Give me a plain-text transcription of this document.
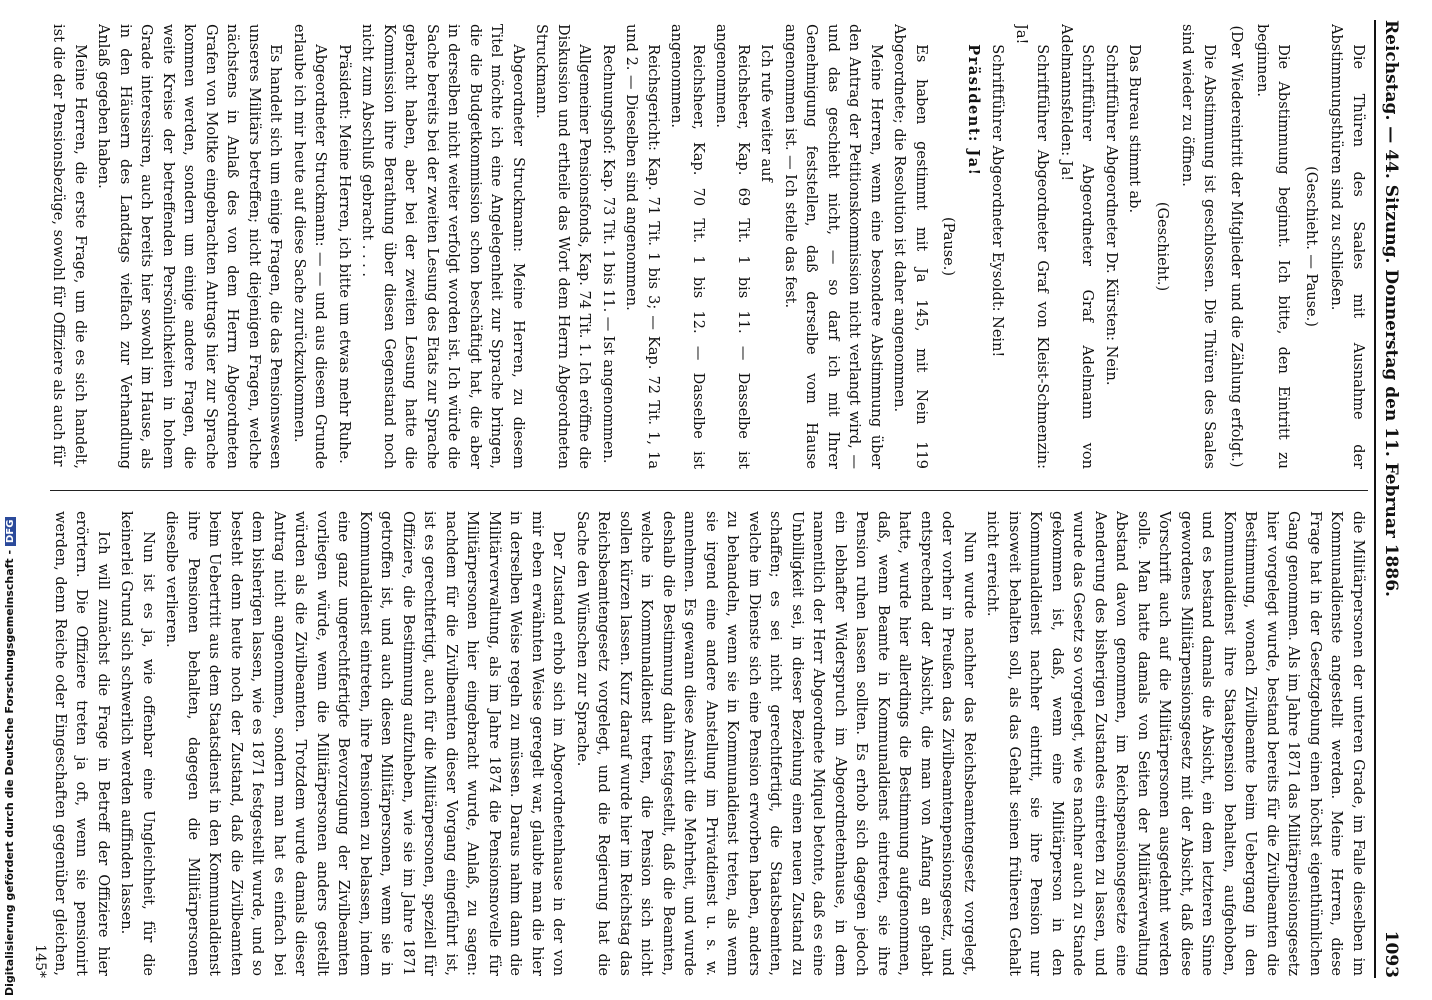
Digitalisierung gefördert durch die Deutsche Forschungsgemeinschaft -DFG	Reichstag. — 44. Sitzung. Donnerstag den 11. Februar 1886.
1093

Die Thüren des Saales mit Ausnahme der Abstimmungsthüren sind zu schließen.

(Geschieht. — Pause.)

Die Abstimmung beginnt. Ich bitte, den Eintritt zu beginnen.

(Der Wiedereintritt der Mitglieder und die Zählung erfolgt.)

Die Abstimmung ist geschlossen. Die Thüren des Saales sind wieder zu öffnen.

(Geschieht.)

Das Bureau stimmt ab.

Schriftführer Abgeordneter Dr. Kürsten: Nein.

Schriftführer Abgeordneter Graf Adelmann von Adelmannsfelden: Ja!

Schriftführer Abgeordneter Graf von Kleist-Schmenzin: Ja!

Schriftführer Abgeordneter Eysoldt: Nein!

Präsident: Ja!

(Pause.)

Es haben gestimmt mit Ja 145, mit Nein 119 Abgeordnete; die Resolution ist daher angenommen.

Meine Herren, wenn eine besondere Abstimmung über den Antrag der Petitionskommission nicht verlangt wird, — und das geschieht nicht, — so darf ich mit Ihrer Genehmigung feststellen, daß derselbe vom Hause angenommen ist. — Ich stelle das fest.

Ich rufe weiter auf

Reichsheer, Kap. 69 Tit. 1 bis 11. — Dasselbe ist angenommen.

Reichsheer, Kap. 70 Tit. 1 bis 12. — Dasselbe ist angenommen.

Reichsgericht: Kap. 71 Tit. 1 bis 3; — Kap. 72 Tit. 1, 1a und 2. — Dieselben sind angenommen.

Rechnungshof: Kap. 73 Tit. 1 bis 11. — Ist angenommen.

Allgemeiner Pensionsfonds, Kap. 74 Tit. 1. Ich eröffne die Diskussion und ertheile das Wort dem Herrn Abgeordneten Struckmann.

Abgeordneter Struckmann: Meine Herren, zu diesem Titel möchte ich eine Angelegenheit zur Sprache bringen, die die Budgetkommission schon beschäftigt hat, die aber in derselben nicht weiter verfolgt worden ist. Ich würde die Sache bereits bei der zweiten Lesung des Etats zur Sprache gebracht haben, aber bei der zweiten Lesung hatte die Kommission ihre Berathung über diesen Gegenstand noch nicht zum Abschluß gebracht . . . .

Präsident: Meine Herren, ich bitte um etwas mehr Ruhe.

Abgeordneter Struckmann: — — und aus diesem Grunde erlaube ich mir heute auf diese Sache zurückzukommen.

Es handelt sich um einige Fragen, die das Pensionswesen unseres Militärs betreffen; nicht diejenigen Fragen, welche nächstens in Anlaß des von dem Herrn Abgeordneten Grafen von Moltke eingebrachten Antrags hier zur Sprache kommen werden, sondern um einige andere Fragen, die weite Kreise der betreffenden Persönlichkeiten in hohem Grade interessiren, auch bereits hier sowohl im Hause, als in den Häusern des Landtags vielfach zur Verhandlung Anlaß gegeben haben.

Meine Herren, die erste Frage, um die es sich handelt, ist die der Pensionsbezüge, sowohl für Offiziere als auch für

die Militärpersonen der unteren Grade, im Falle dieselben im Kommunaldienste angestellt werden. Meine Herren, diese Frage hat in der Gesetzgebung einen höchst eigenthümlichen Gang genommen. Als im Jahre 1871 das Militärpensionsgesetz hier vorgelegt wurde, bestand bereits für die Zivilbeamten die Bestimmung, wonach Zivilbeamte beim Uebergang in den Kommunaldienst ihre Staatspension behalten, aufgehoben, und es bestand damals die Absicht, ein dem letzteren Sinne gewordenes Militärpensionsgesetz mit der Absicht, daß diese Vorschrift auch auf die Militärpersonen ausgedehnt werden solle. Man hatte damals von Seiten der Militärverwaltung Abstand davon genommen, im Reichspensionsgesetze eine Aenderung des bisherigen Zustandes eintreten zu lassen, und wurde das Gesetz so vorgelegt, wie es nachher auch zu Stande gekommen ist, daß, wenn eine Militärperson in den Kommunaldienst nachher eintritt, sie ihre Pension nur insoweit behalten soll, als das Gehalt seinen früheren Gehalt nicht erreicht.

Nun wurde nachher das Reichsbeamtengesetz vorgelegt, oder vorher in Preußen das Zivilbeamtenpensionsgesetz, und entsprechend der Absicht, die man von Anfang an gehabt hatte, wurde hier allerdings die Bestimmung aufgenommen, daß, wenn Beamte in Kommunaldienst eintreten, sie ihre Pension ruhen lassen sollten. Es erhob sich dagegen jedoch ein lebhafter Widerspruch im Abgeordnetenhause, in dem namentlich der Herr Abgeordnete Miquel betonte, daß es eine Unbilligkeit sei, in dieser Beziehung einen neuen Zustand zu schaffen; es sei nicht gerechtfertigt, die Staatsbeamten, welche im Dienste sich eine Pension erworben haben, anders zu behandeln, wenn sie in Kommunaldienst treten, als wenn sie irgend eine andere Anstellung im Privatdienst u. s. w. annehmen. Es gewann diese Ansicht die Mehrheit, und wurde deshalb die Bestimmung dahin festgestellt, daß die Beamten, welche in Kommunaldienst treten, die Pension sich nicht sollen kürzen lassen. Kurz darauf wurde hier im Reichstag das Reichsbeamtengesetz vorgelegt, und die Regierung hat die Sache den Wünschen zur Sprache.

Der Zustand erhob sich im Abgeordnetenhause in der von mir eben erwähnten Weise geregelt war, glaubte man die hier in derselben Weise regeln zu müssen. Daraus nahm dann die Militärverwaltung, als im Jahre 1874 die Pensionsnovelle für Militärpersonen hier eingebracht wurde, Anlaß, zu sagen: nachdem für die Zivilbeamten dieser Vorgang eingeführt ist, ist es gerechtfertigt, auch für die Militärpersonen, speziell für Offiziere, die Bestimmung aufzuheben, wie sie im Jahre 1871 getroffen ist, und auch diesen Militärpersonen, wenn sie in Kommunaldienst eintreten, ihre Pensionen zu belassen, indem eine ganz ungerechtfertigte Bevorzugung der Zivilbeamten vorliegen würde, wenn die Militärpersonen anders gestellt würden als die Zivilbeamten. Trotzdem wurde damals dieser Antrag nicht angenommen, sondern man hat es einfach bei dem bisherigen lassen, wie es 1871 festgestellt wurde, und so besteht denn heute noch der Zustand, daß die Zivilbeamten beim Uebertritt aus dem Staatsdienst in den Kommunaldienst ihre Pensionen behalten, dagegen die Militärpersonen dieselbe verlieren.

Nun ist es ja, wie offenbar eine Ungleichheit, für die keinerlei Grund sich schwerlich werden auffinden lassen.

Ich will zunächst die Frage in Betreff der Offiziere hier erörtern. Die Offiziere treten ja oft, wenn sie pensionirt werden, denn Reiche oder Eingeschaften gegenüber gleichen,

145*
